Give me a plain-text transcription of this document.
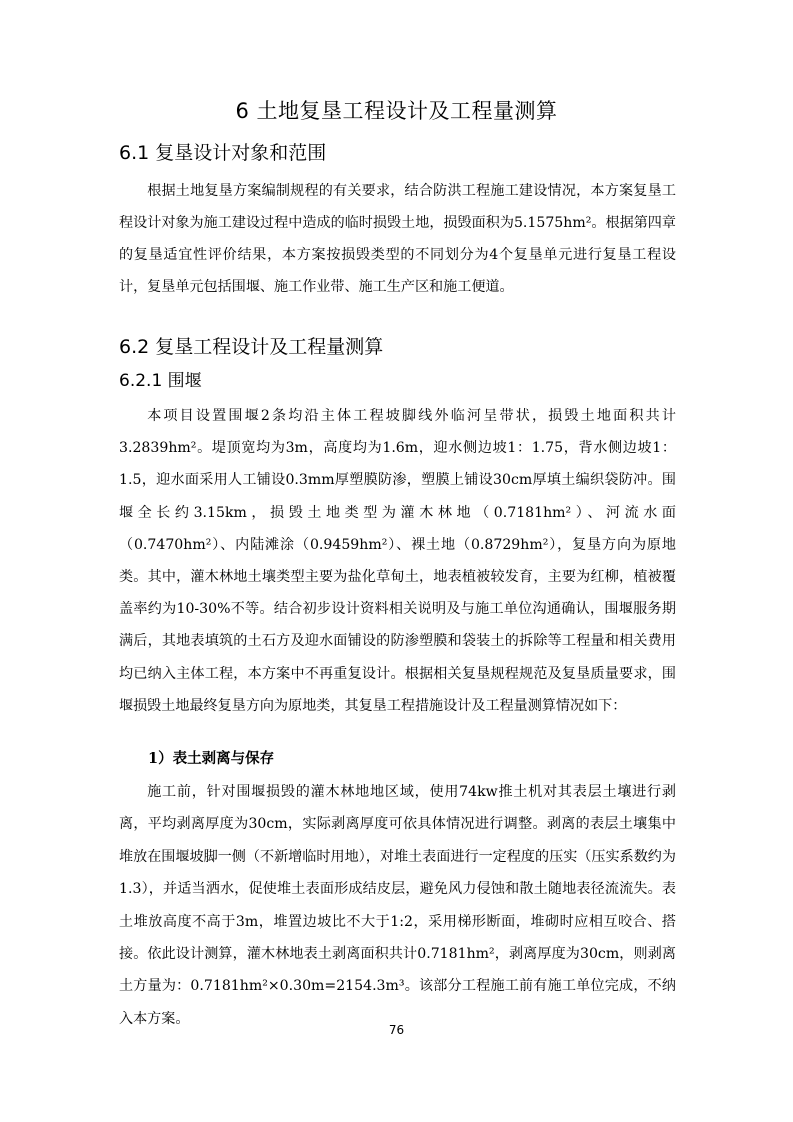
6 土地复垦工程设计及工程量测算
6.1 复垦设计对象和范围

根据土地复垦方案编制规程的有关要求，结合防洪工程施工建设情况，本方案复垦工程设计对象为施工建设过程中造成的临时损毁土地，损毁面积为5.1575hm²。根据第四章的复垦适宜性评价结果，本方案按损毁类型的不同划分为4个复垦单元进行复垦工程设计，复垦单元包括围堰、施工作业带、施工生产区和施工便道。

6.2 复垦工程设计及工程量测算
6.2.1 围堰

本项目设置围堰2条均沿主体工程坡脚线外临河呈带状，损毁土地面积共计3.2839hm²。堤顶宽均为3m，高度均为1.6m，迎水侧边坡1：1.75，背水侧边坡1：1.5，迎水面采用人工铺设0.3mm厚塑膜防渗，塑膜上铺设30cm厚填土编织袋防冲。围堰全长约3.15km，损毁土地类型为灌木林地（0.7181hm²）、河流水面（0.7470hm²）、内陆滩涂（0.9459hm²）、裸土地（0.8729hm²），复垦方向为原地类。其中，灌木林地土壤类型主要为盐化草甸土，地表植被较发育，主要为红柳，植被覆盖率约为10-30%不等。结合初步设计资料相关说明及与施工单位沟通确认，围堰服务期满后，其地表填筑的土石方及迎水面铺设的防渗塑膜和袋装土的拆除等工程量和相关费用均已纳入主体工程，本方案中不再重复设计。根据相关复垦规程规范及复垦质量要求，围堰损毁土地最终复垦方向为原地类，其复垦工程措施设计及工程量测算情况如下：

1）表土剥离与保存

施工前，针对围堰损毁的灌木林地地区域，使用74kw推土机对其表层土壤进行剥离，平均剥离厚度为30cm，实际剥离厚度可依具体情况进行调整。剥离的表层土壤集中堆放在围堰坡脚一侧（不新增临时用地），对堆土表面进行一定程度的压实（压实系数约为1.3），并适当洒水，促使堆土表面形成结皮层，避免风力侵蚀和散土随地表径流流失。表土堆放高度不高于3m，堆置边坡比不大于1:2，采用梯形断面，堆砌时应相互咬合、搭接。依此设计测算，灌木林地表土剥离面积共计0.7181hm²，剥离厚度为30cm，则剥离土方量为：0.7181hm²×0.30m=2154.3m³。该部分工程施工前有施工单位完成，不纳入本方案。

76
